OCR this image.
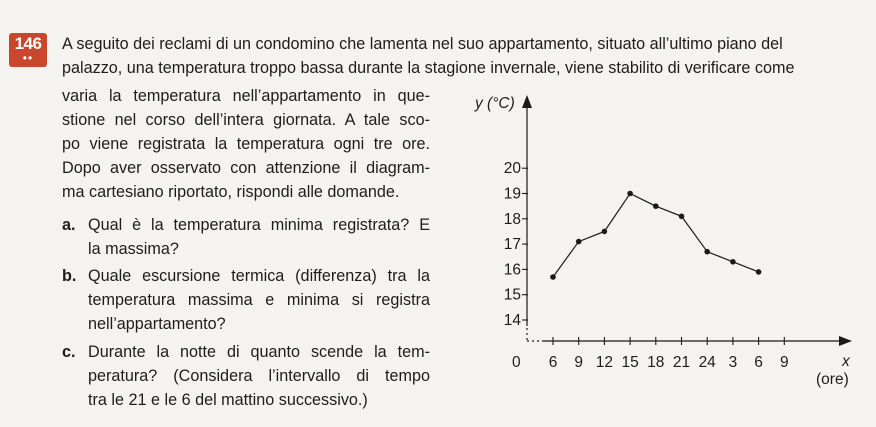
146
••
A seguito dei reclami di un condomino che lamenta nel suo appartamento, situato all’ultimo piano del
palazzo, una temperatura troppo bassa durante la stagione invernale, viene stabilito di verificare come
varia la temperatura nell’appartamento in que-
stione nel corso dell’intera giornata. A tale sco-
po viene registrata la temperatura ogni tre ore.
Dopo aver osservato con attenzione il diagram-
ma cartesiano riportato, rispondi alle domande.
a. Qual è la temperatura minima registrata? E
la massima?
b. Quale escursione termica (differenza) tra la
temperatura massima e minima si registra
nell’appartamento?
c. Durante la notte di quanto scende la tem-
peratura? (Considera l’intervallo di tempo
tra le 21 e le 6 del mattino successivo.)
y (°C)
0	x
(ore)
14
15
16
17
18
19
20
6 9 12 15 18 21 24 3 6 9
